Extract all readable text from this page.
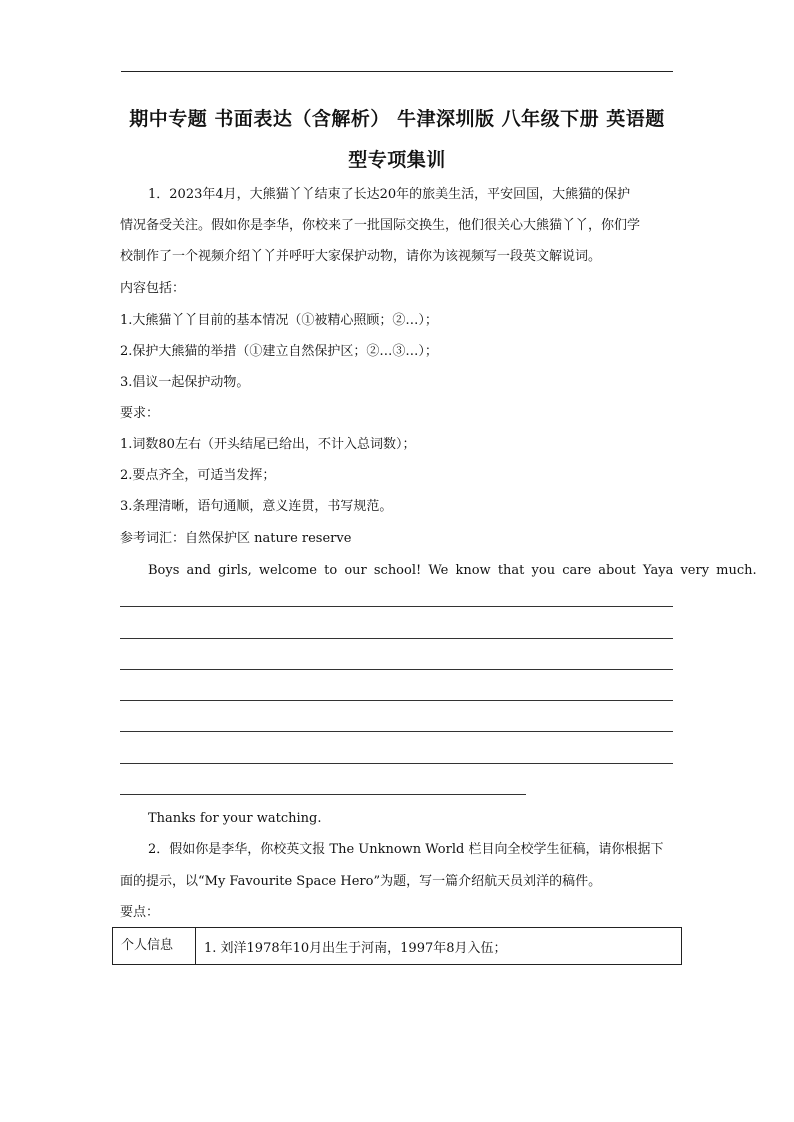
期中专题 书面表达（含解析） 牛津深圳版 八年级下册 英语题
型专项集训
1．2023年4月，大熊猫丫丫结束了长达20年的旅美生活，平安回国，大熊猫的保护
情况备受关注。假如你是李华，你校来了一批国际交换生，他们很关心大熊猫丫丫，你们学
校制作了一个视频介绍丫丫并呼吁大家保护动物，请你为该视频写一段英文解说词。
内容包括：
1.大熊猫丫丫目前的基本情况（①被精心照顾；②…）；
2.保护大熊猫的举措（①建立自然保护区；②…③…）；
3.倡议一起保护动物。
要求：
1.词数80左右（开头结尾已给出，不计入总词数）；
2.要点齐全，可适当发挥；
3.条理清晰，语句通顺，意义连贯，书写规范。
参考词汇：自然保护区 nature reserve
Boys and girls, welcome to our school! We know that you care about Yaya very much.
Thanks for your watching.
2．假如你是李华，你校英文报 The Unknown World 栏目向全校学生征稿，请你根据下
面的提示，以“My Favourite Space Hero”为题，写一篇介绍航天员刘洋的稿件。
要点：
个人信息	1. 刘洋1978年10月出生于河南，1997年8月入伍；
